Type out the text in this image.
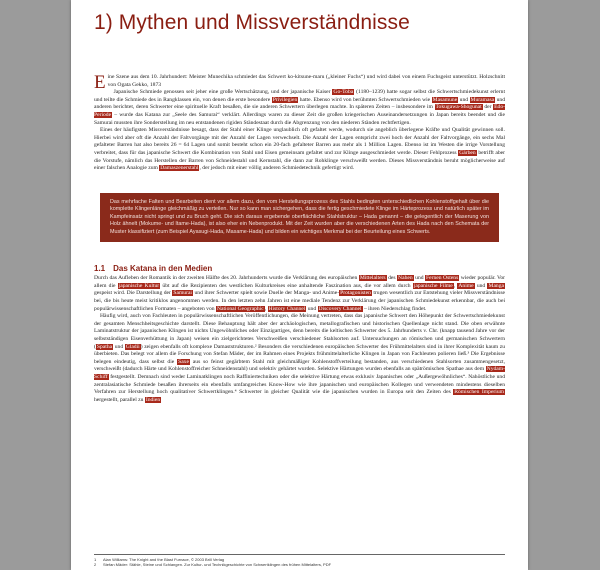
1) Mythen und Missverständnisse
Eine Szene aus dem 10. Jahrhundert: Meister Munechika schmiedet das Schwert ko-kitsune-maru („kleiner Fuchs“) und wird dabei von einem Fuchsgeist unterstützt. Holzschnitt von Ogata Gekko, 1873

Japanische Schmiede genossen seit jeher eine große Wertschätzung, und der japanische Kaiser Go-Toba (1180–1239) hatte sogar selbst die Schwertschmiedekunst erlernt und teilte die Schmiede des in Rangklassen ein, von denen die erste besondere Privilegien hatte. Ebenso wird von berühmten Schwertschmieden wie Masamune und Muramasa und anderen berichtet, deren Schwerter eine spirituelle Kraft besaßen, die sie anderen Schwertern überlegen machte. In späteren Zeiten – insbesondere im Tokugawa-Shogunat der Edo-Periode – wurde das Katana zur „Seele des Samurai“ verklärt. Allerdings waren zu dieser Zeit die großen kriegerischen Auseinandersetzungen in Japan bereits beendet und die Samurai mussten ihre Sonderstellung im neu entstandenen rigiden Ständestaat durch die Abgrenzung von den niederen Ständen rechtfertigen.

Eines der häufigsten Missverständnisse besagt, dass der Stahl einer Klinge unglaublich oft gefaltet werde, wodurch sie angeblich überlegene Kräfte und Qualität gewinnen soll. Hierbei wird aber oft die Anzahl der Faltvorgänge mit der Anzahl der Lagen verwechselt. Die Anzahl der Lagen entspricht zwei hoch der Anzahl der Faltvorgänge, ein sechs Mal gefalteter Barren hat also bereits 26 = 64 Lagen und somit besteht schon ein 20-fach gefalteter Barren aus mehr als 1 Million Lagen. Ebenso ist im Westen die irrige Vorstellung verbreitet, dass für das japanische Schwert die Kombination von Stahl und Eisen gemeinsam gefaltet und zur Klinge ausgeschmiedet werde. Dieser Fehlprozess Gärben betrifft aber die Vorstufe, nämlich das Herstellen der Barren von Schneidestahl und Kernstahl, die dann zur Rohklinge verschweißt werden. Dieses Missverständnis beruht möglicherweise auf einer falschen Analogie zum Damaszenerstahl, der jedoch mit einer völlig anderen Schmiedetechnik gefertigt wird.

Das mehrfache Falten und Bearbeiten dient vor allem dazu, den vom Herstellungsprozess des Stahls bedingten unterschiedlichen Kohlenstoffgehalt über die komplette Klingenlänge gleichmäßig zu verteilen. Nur so kann man sichergehen, dass die fertig geschmiedete Klinge im Härteprozess und natürlich später im Kampfeinsatz nicht springt und zu Bruch geht. Die sich daraus ergebende oberflächliche Stahlstruktur – Hada genannt – die gelegentlich der Maserung von Holz ähnelt (Mokume- und Itame-Hada), ist also eher ein Nebenprodukt. Mit der Zeit wurden aber die verschiedenen Arten des Hada nach den Schemata der Muster klassifiziert (zum Beispiel Ayasugi-Hada, Masame-Hada) und bilden ein wichtiges Merkmal bei der Beurteilung eines Schwerts.
1.1 Das Katana in den Medien

Durch das Aufleben der Romantik in der zweiten Hälfte des 20. Jahrhunderts wurde die Verklärung des europäischen Mittelalters des Nahen und Fernen Ostens wieder populär. Vor allem die japanische Kultur übt auf die Rezipienten des westlichen Kulturkreises eine anhaltende Faszination aus, die vor allem durch japanische Filme, Anime und Manga gespeist wird. Die Darstellung der Samurai und ihrer Schwerter spielt sowie Duelle der Manga- und Anime-Protagonisten trugen wesentlich zur Entstehung vieler Missverständnisse bei, die bis heute meist kritiklos angenommen werden. In den letzten zehn Jahren ist eine mediale Tendenz zur Verklärung der japanischen Schmiedekunst erkennbar, die auch bei populärwissenschaftlichen Formaten – angeboten von National Geographic, History Channel und Discovery Channel – ihren Niederschlag findet.

Häufig wird, auch von Fachleuten in populärwissenschaftlichen Veröffentlichungen, die Meinung vertreten, dass das japanische Schwert den Höhepunkt der Schwertschmiedekunst der gesamten Menschheitsgeschichte darstellt. Diese Behauptung hält aber der archäologischen, metallografischen und historischen Quellenlage nicht stand. Die oben erwähnte Laminatstruktur der japanischen Klingen ist nichts Ungewöhnliches oder Einzigartiges, denn bereits die keltischen Schwerter des 5. Jahrhunderts v. Chr. (knapp tausend Jahre vor der selbstständigen Eisenverhüttung in Japan) weisen ein zielgerichtetes Verschweißen verschiedener Stahlsorten auf. Untersuchungen an römischen und germanischen Schwertern (Spatha und Gladii) zeigen ebenfalls oft komplexe Damaststrukturen.² Besonders die verschiedenen europäischen Schwerter des Frühmittelalters sind in ihrer Komplexität kaum zu überbieten. Das belegt vor allem die Forschung von Stefan Mäder, der im Rahmen eines Projekts frühmittelalterliche Klingen in Japan von Fachleuten polieren ließ.³ Die Ergebnisse belegen eindeutig, dass selbst die Saxe aus so feinst gegärbtem Stahl mit gleichmäßiger Kohlenstoffverteilung bestanden, aus verschiedenen Stahlsorten zusammengesetzt, verschweißt (dadurch Härte und Kohlenstoffreicher Schneidenstahl) und selektiv gehärtet wurden. Selektive Härtungen wurden ebenfalls an spätrömischen Spathae aus dem Nydam-Schiff festgestellt. Demnach sind weder Laminatklingen noch Raffiniertechniken oder die selektive Härtung etwas exklusiv Japanisches oder „Außergewöhnliches“. Nahöstliche und zentralasiatische Schmiede besaßen ihrerseits ein ebenfalls umfangreiches Know-How wie ihre japanischen und europäischen Kollegen und verwendeten mindestens dieselben Verfahren zur Herstellung hoch qualitativer Schwertklingen.⁴ Schwerter in gleicher Qualität wie die japanischen wurden in Europa seit den Zeiten des Römischen Imperium hergestellt, parallel zu Indien

1 Alan Williams: The Knight and the Blast Furnace, © 2003 Brill Verlag
2 Stefan Mäder: Stähle, Steine und Schlangen. Zur Kultur- und Technikgeschichte von Schwertklingen des frühen Mittelalters, PDF
